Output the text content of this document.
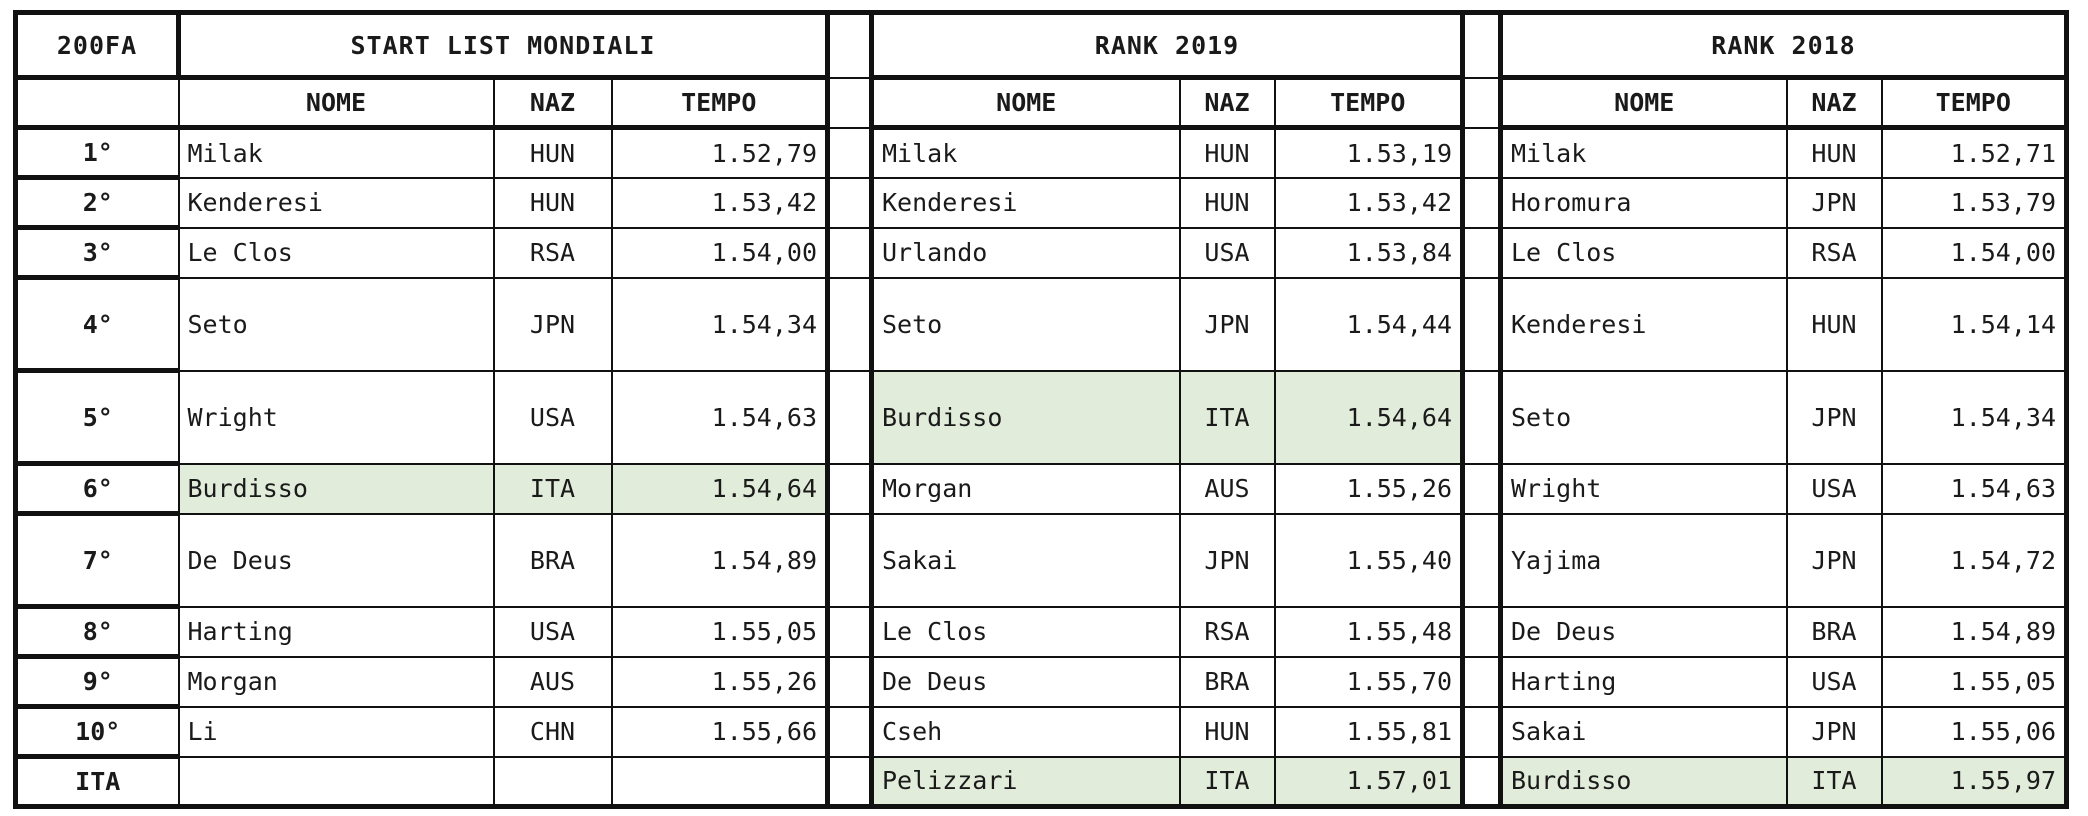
200FA	START LIST MONDIALI				RANK 2019				RANK 2018		
	NOME	NAZ	TEMPO		NOME	NAZ	TEMPO		NOME	NAZ	TEMPO
1°	Milak	HUN	1.52,79		Milak	HUN	1.53,19		Milak	HUN	1.52,71
2°	Kenderesi	HUN	1.53,42		Kenderesi	HUN	1.53,42		Horomura	JPN	1.53,79
3°	Le Clos	RSA	1.54,00		Urlando	USA	1.53,84		Le Clos	RSA	1.54,00
4°	Seto	JPN	1.54,34		Seto	JPN	1.54,44		Kenderesi	HUN	1.54,14
5°	Wright	USA	1.54,63		Burdisso	ITA	1.54,64		Seto	JPN	1.54,34
6°	Burdisso	ITA	1.54,64		Morgan	AUS	1.55,26		Wright	USA	1.54,63
7°	De Deus	BRA	1.54,89		Sakai	JPN	1.55,40		Yajima	JPN	1.54,72
8°	Harting	USA	1.55,05		Le Clos	RSA	1.55,48		De Deus	BRA	1.54,89
9°	Morgan	AUS	1.55,26		De Deus	BRA	1.55,70		Harting	USA	1.55,05
10°	Li	CHN	1.55,66		Cseh	HUN	1.55,81		Sakai	JPN	1.55,06
ITA					Pelizzari	ITA	1.57,01		Burdisso	ITA	1.55,97
